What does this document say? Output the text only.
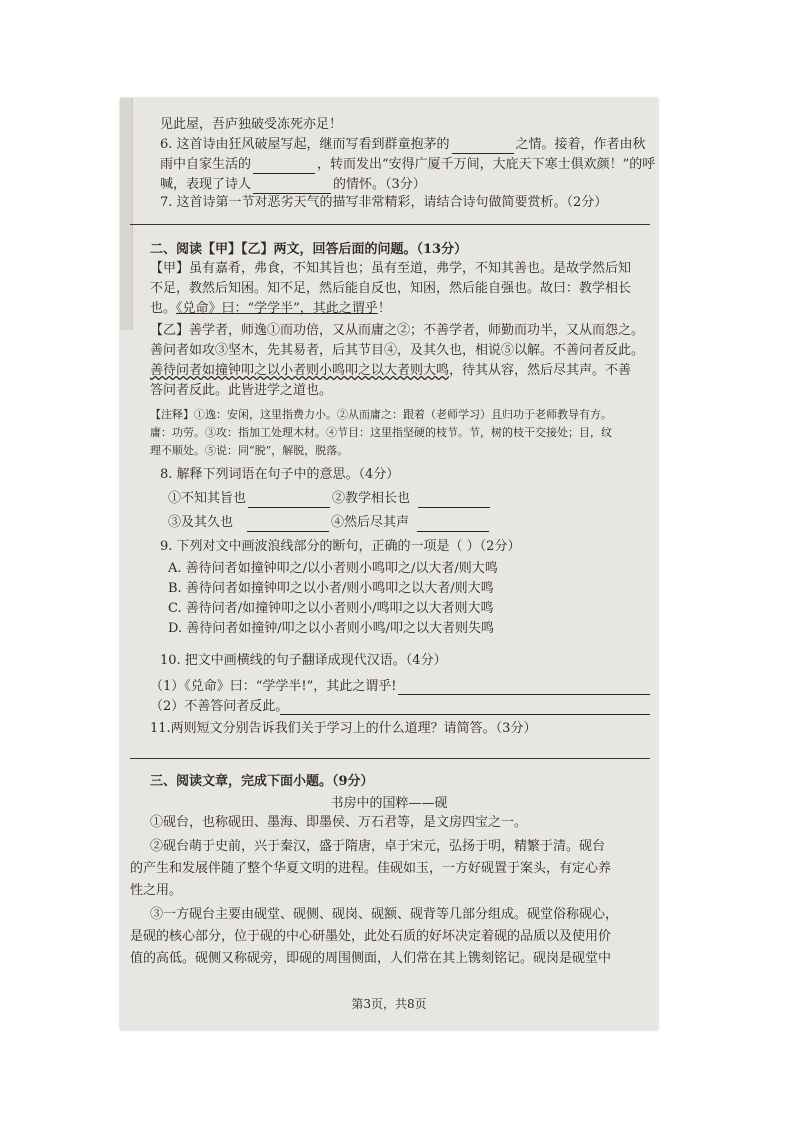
见此屋，吾庐独破受冻死亦足！
6. 这首诗由狂风破屋写起，继而写看到群童抱茅的	之情。接着，作者由秋
雨中自家生活的	，转而发出“安得广厦千万间，大庇天下寒士俱欢颜！”的呼
喊，表现了诗人	的情怀。（3分）
7. 这首诗第一节对恶劣天气的描写非常精彩，请结合诗句做简要赏析。（2分）
二、阅读【甲】【乙】两文，回答后面的问题。（13分）
【甲】虽有嘉肴，弗食，不知其旨也；虽有至道，弗学，不知其善也。是故学然后知
不足，教然后知困。知不足，然后能自反也，知困，然后能自强也。故曰：教学相长
也。《兑命》曰：“学学半”，其此之谓乎！
【乙】善学者，师逸①而功倍，又从而庸之②；不善学者，师勤而功半，又从而怨之。
善问者如攻③坚木，先其易者，后其节目④，及其久也，相说⑤以解。不善问者反此。
善待问者如撞钟叩之以小者则小鸣叩之以大者则大鸣，待其从容，然后尽其声。不善
答问者反此。此皆进学之道也。
【注释】①逸：安闲，这里指费力小。②从而庸之：跟着（老师学习）且归功于老师教导有方。
庸：功劳。③攻：指加工处理木材。④节目：这里指坚硬的枝节。节，树的枝干交接处；目，纹
理不顺处。⑤说：同“脱”，解脱，脱落。
8. 解释下列词语在句子中的意思。（4分）
①不知其旨也	②教学相长也
③及其久也	④然后尽其声
9. 下列对文中画波浪线部分的断句，正确的一项是（ ）（2分）
A. 善待问者如撞钟叩之/以小者则小鸣叩之/以大者/则大鸣
B. 善待问者如撞钟叩之以小者/则小鸣叩之以大者/则大鸣
C. 善待问者/如撞钟叩之以小者则小/鸣叩之以大者则大鸣
D. 善待问者如撞钟/叩之以小者则小鸣/叩之以大者则失鸣
10. 把文中画横线的句子翻译成现代汉语。（4分）
（1）《兑命》曰：“学学半!”，其此之谓乎!
（2）不善答问者反此。
11.两则短文分别告诉我们关于学习上的什么道理？请简答。（3分）
三、阅读文章，完成下面小题。（9分）
书房中的国粹——砚
①砚台，也称砚田、墨海、即墨侯、万石君等，是文房四宝之一。
②砚台萌于史前，兴于秦汉，盛于隋唐，卓于宋元，弘扬于明，精繁于清。砚台
的产生和发展伴随了整个华夏文明的进程。佳砚如玉，一方好砚置于案头，有定心养
性之用。
③一方砚台主要由砚堂、砚侧、砚岗、砚额、砚背等几部分组成。砚堂俗称砚心，
是砚的核心部分，位于砚的中心研墨处，此处石质的好坏决定着砚的品质以及使用价
值的高低。砚侧又称砚旁，即砚的周围侧面，人们常在其上镌刻铭记。砚岗是砚堂中
第3页，共8页
